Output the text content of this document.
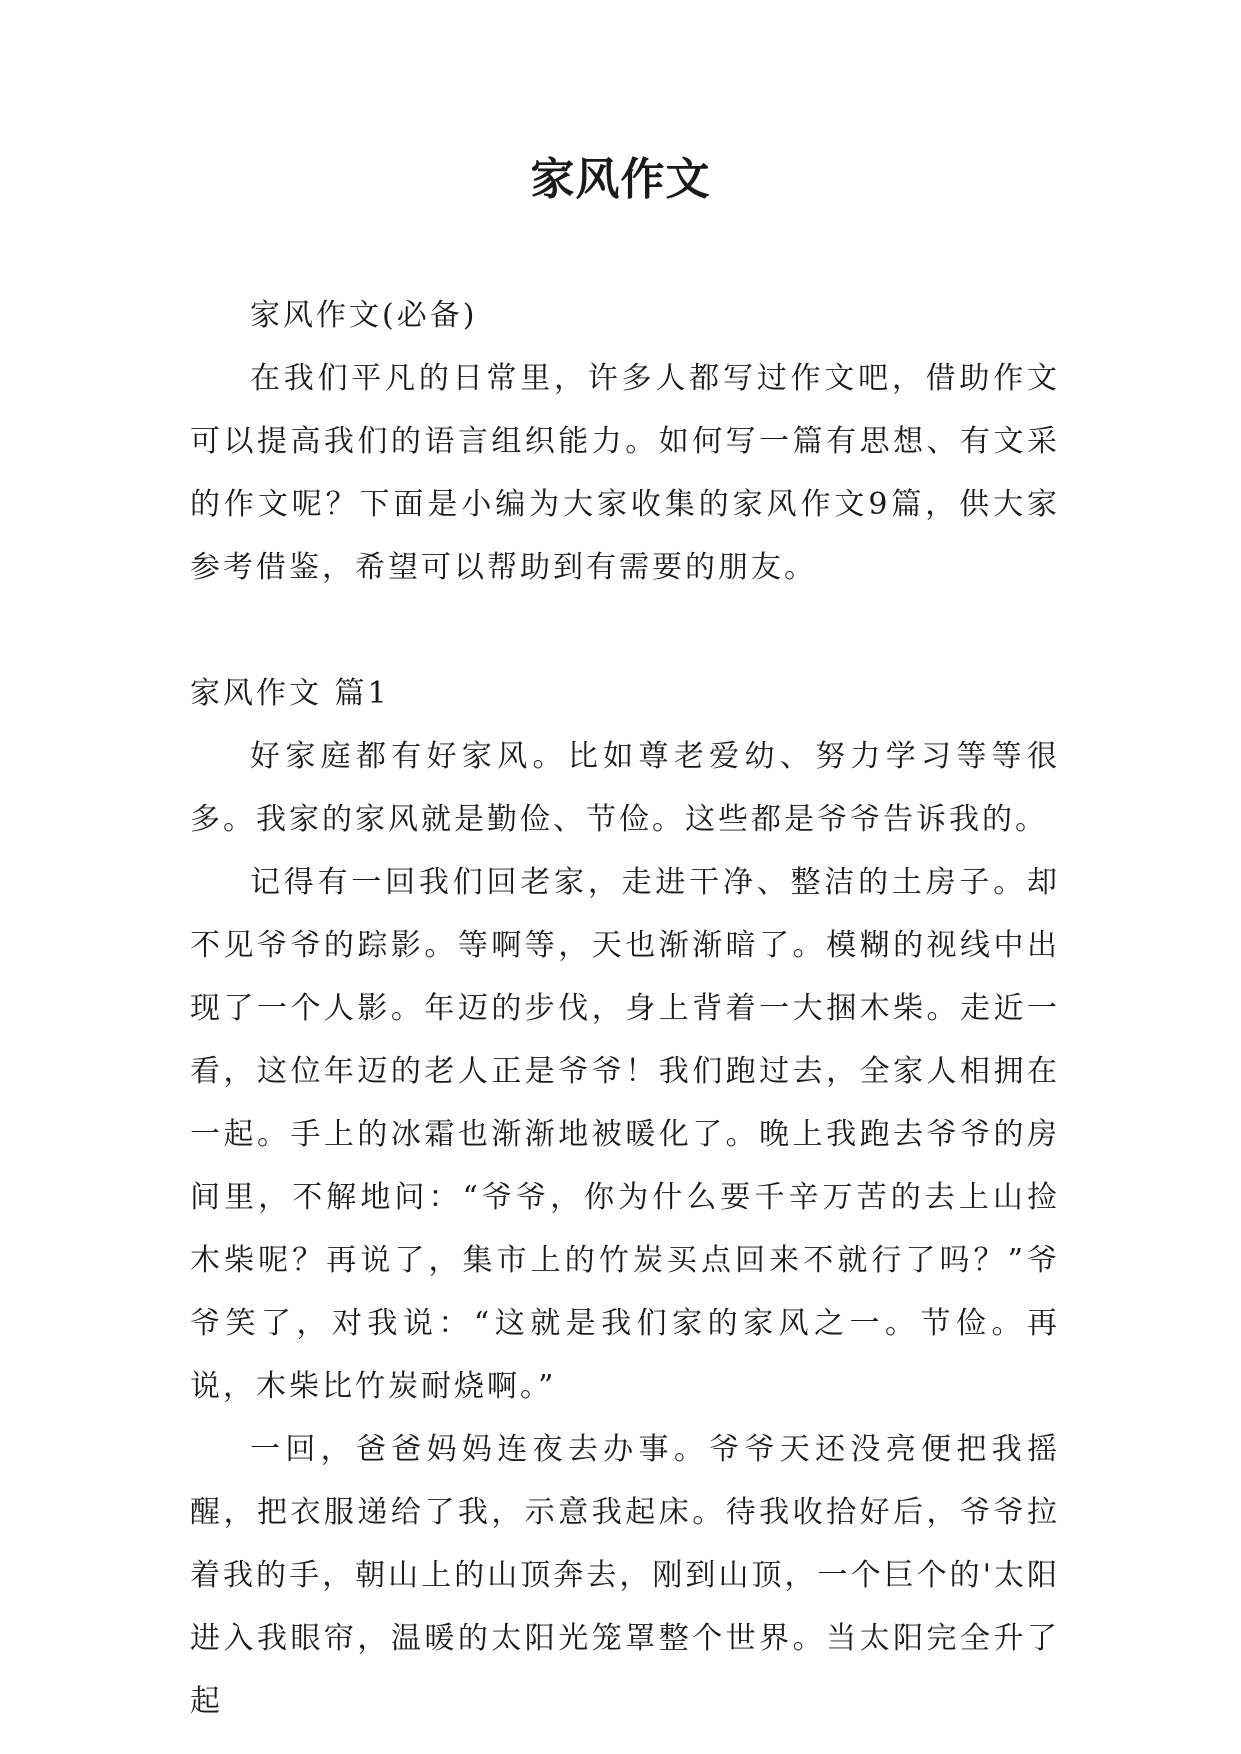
家风作文

家风作文(必备)

在我们平凡的日常里，许多人都写过作文吧，借助作文可以提高我们的语言组织能力。如何写一篇有思想、有文采的作文呢？下面是小编为大家收集的家风作文9篇，供大家参考借鉴，希望可以帮助到有需要的朋友。

家风作文 篇1

好家庭都有好家风。比如尊老爱幼、努力学习等等很多。我家的家风就是勤俭、节俭。这些都是爷爷告诉我的。

记得有一回我们回老家，走进干净、整洁的土房子。却不见爷爷的踪影。等啊等，天也渐渐暗了。模糊的视线中出现了一个人影。年迈的步伐，身上背着一大捆木柴。走近一看，这位年迈的老人正是爷爷！我们跑过去，全家人相拥在一起。手上的冰霜也渐渐地被暖化了。晚上我跑去爷爷的房间里，不解地问：“爷爷，你为什么要千辛万苦的去上山捡木柴呢？再说了，集市上的竹炭买点回来不就行了吗？”爷爷笑了，对我说：“这就是我们家的家风之一。节俭。再说，木柴比竹炭耐烧啊。”

一回，爸爸妈妈连夜去办事。爷爷天还没亮便把我摇醒，把衣服递给了我，示意我起床。待我收拾好后，爷爷拉着我的手，朝山上的山顶奔去，刚到山顶，一个巨个的'太阳进入我眼帘，温暖的太阳光笼罩整个世界。当太阳完全升了起
